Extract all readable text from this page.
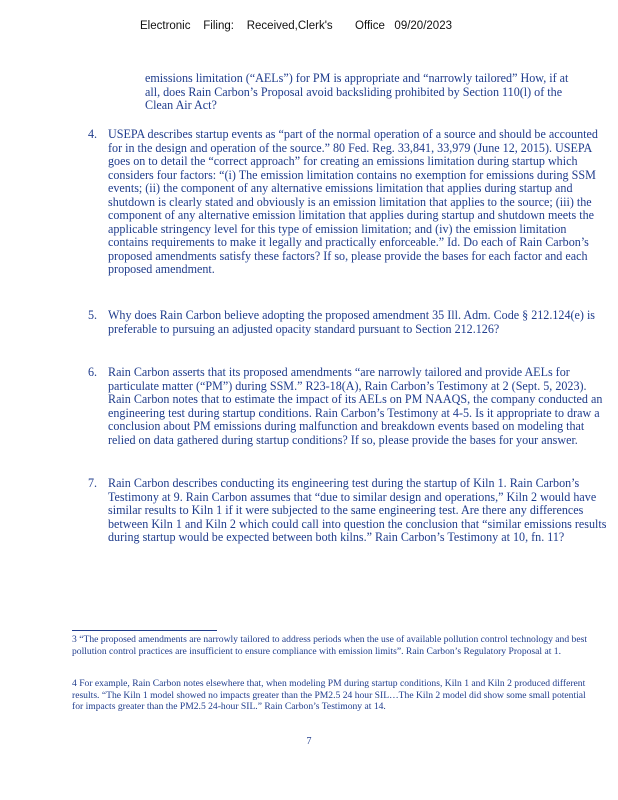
Electronic    Filing:    Received,Clerk's       Office   09/20/2023
emissions limitation (“AELs”) for PM is appropriate and “narrowly tailored” How, if at all, does Rain Carbon’s Proposal avoid backsliding prohibited by Section 110(l) of the Clean Air Act?
4. USEPA describes startup events as “part of the normal operation of a source and should be accounted for in the design and operation of the source.” 80 Fed. Reg. 33,841, 33,979 (June 12, 2015). USEPA goes on to detail the “correct approach” for creating an emissions limitation during startup which considers four factors: “(i) The emission limitation contains no exemption for emissions during SSM events; (ii) the component of any alternative emissions limitation that applies during startup and shutdown is clearly stated and obviously is an emission limitation that applies to the source; (iii) the component of any alternative emission limitation that applies during startup and shutdown meets the applicable stringency level for this type of emission limitation; and (iv) the emission limitation contains requirements to make it legally and practically enforceable.” Id. Do each of Rain Carbon’s proposed amendments satisfy these factors? If so, please provide the bases for each factor and each proposed amendment.
5. Why does Rain Carbon believe adopting the proposed amendment 35 Ill. Adm. Code § 212.124(e) is preferable to pursuing an adjusted opacity standard pursuant to Section 212.126?
6. Rain Carbon asserts that its proposed amendments “are narrowly tailored and provide AELs for particulate matter (“PM”) during SSM.” R23-18(A), Rain Carbon’s Testimony at 2 (Sept. 5, 2023). Rain Carbon notes that to estimate the impact of its AELs on PM NAAQS, the company conducted an engineering test during startup conditions. Rain Carbon’s Testimony at 4-5. Is it appropriate to draw a conclusion about PM emissions during malfunction and breakdown events based on modeling that relied on data gathered during startup conditions? If so, please provide the bases for your answer.
7. Rain Carbon describes conducting its engineering test during the startup of Kiln 1. Rain Carbon’s Testimony at 9. Rain Carbon assumes that “due to similar design and operations,” Kiln 2 would have similar results to Kiln 1 if it were subjected to the same engineering test. Are there any differences between Kiln 1 and Kiln 2 which could call into question the conclusion that “similar emissions results during startup would be expected between both kilns.” Rain Carbon’s Testimony at 10, fn. 11?
3 “The proposed amendments are narrowly tailored to address periods when the use of available pollution control technology and best pollution control practices are insufficient to ensure compliance with emission limits”. Rain Carbon’s Regulatory Proposal at 1.
4 For example, Rain Carbon notes elsewhere that, when modeling PM during startup conditions, Kiln 1 and Kiln 2 produced different results. “The Kiln 1 model showed no impacts greater than the PM2.5 24 hour SIL…The Kiln 2 model did show some small potential for impacts greater than the PM2.5 24-hour SIL.” Rain Carbon’s Testimony at 14.
7
